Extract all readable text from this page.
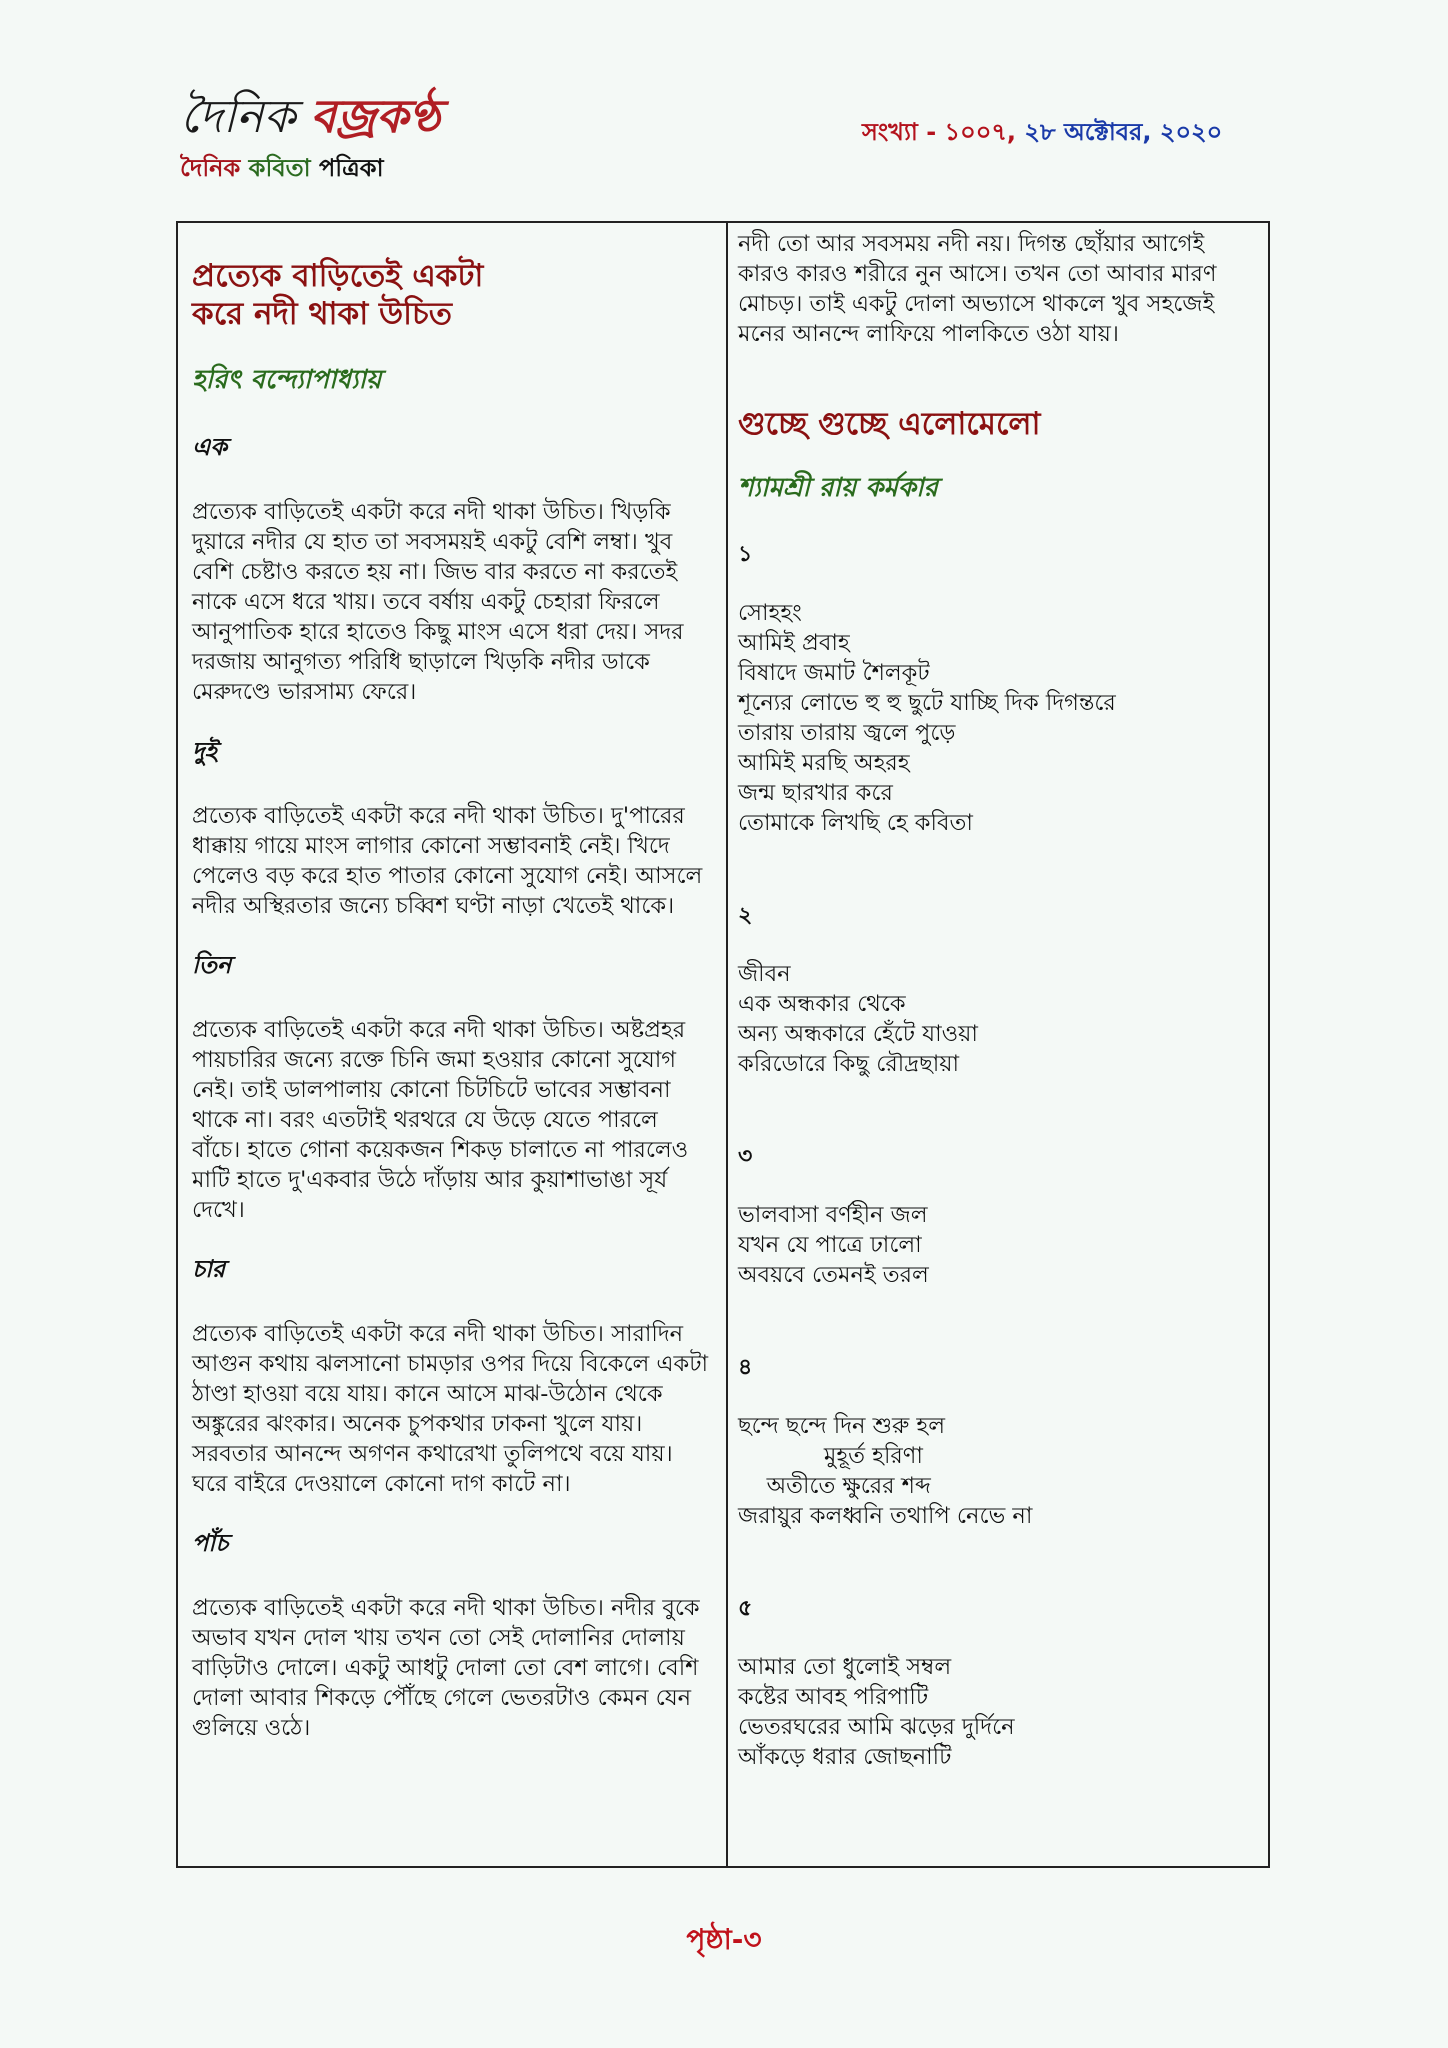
দৈনিক বজ্রকণ্ঠ
দৈনিক কবিতা পত্রিকা
সংখ্যা - ১০০৭, ২৮ অক্টোবর, ২০২০
প্রত্যেক বাড়িতেই একটা
করে নদী থাকা উচিত

হরিৎ বন্দ্যোপাধ্যায়

এক

প্রত্যেক বাড়িতেই একটা করে নদী থাকা উচিত। খিড়কি দুয়ারে নদীর যে হাত তা সবসময়ই একটু বেশি লম্বা। খুব বেশি চেষ্টাও করতে হয় না। জিভ বার করতে না করতেই নাকে এসে ধরে খায়। তবে বর্ষায় একটু চেহারা ফিরলে আনুপাতিক হারে হাতেও কিছু মাংস এসে ধরা দেয়। সদর দরজায় আনুগত্য পরিধি ছাড়ালে খিড়কি নদীর ডাকে মেরুদণ্ডে ভারসাম্য ফেরে।

দুই

প্রত্যেক বাড়িতেই একটা করে নদী থাকা উচিত। দু'পারের ধাক্কায় গায়ে মাংস লাগার কোনো সম্ভাবনাই নেই। খিদে পেলেও বড় করে হাত পাতার কোনো সুযোগ নেই। আসলে নদীর অস্থিরতার জন্যে চব্বিশ ঘণ্টা নাড়া খেতেই থাকে।

তিন

প্রত্যেক বাড়িতেই একটা করে নদী থাকা উচিত। অষ্টপ্রহর পায়চারির জন্যে রক্তে চিনি জমা হওয়ার কোনো সুযোগ নেই। তাই ডালপালায় কোনো চিটচিটে ভাবের সম্ভাবনা থাকে না। বরং এতটাই থরথরে যে উড়ে যেতে পারলে বাঁচে। হাতে গোনা কয়েকজন শিকড় চালাতে না পারলেও মাটি হাতে দু'একবার উঠে দাঁড়ায় আর কুয়াশাভাঙা সূর্য দেখে।

চার

প্রত্যেক বাড়িতেই একটা করে নদী থাকা উচিত। সারাদিন আগুন কথায় ঝলসানো চামড়ার ওপর দিয়ে বিকেলে একটা ঠাণ্ডা হাওয়া বয়ে যায়। কানে আসে মাঝ-উঠোন থেকে অঙ্কুরের ঝংকার। অনেক চুপকথার ঢাকনা খুলে যায়। সরবতার আনন্দে অগণন কথারেখা তুলিপথে বয়ে যায়। ঘরে বাইরে দেওয়ালে কোনো দাগ কাটে না।

পাঁচ

প্রত্যেক বাড়িতেই একটা করে নদী থাকা উচিত। নদীর বুকে অভাব যখন দোল খায় তখন তো সেই দোলানির দোলায় বাড়িটাও দোলে। একটু আধটু দোলা তো বেশ লাগে। বেশি দোলা আবার শিকড়ে পৌঁছে গেলে ভেতরটাও কেমন যেন গুলিয়ে ওঠে।

নদী তো আর সবসময় নদী নয়। দিগন্ত ছোঁয়ার আগেই কারও কারও শরীরে নুন আসে। তখন তো আবার মারণ মোচড়। তাই একটু দোলা অভ্যাসে থাকলে খুব সহজেই মনের আনন্দে লাফিয়ে পালকিতে ওঠা যায়।

গুচ্ছে গুচ্ছে এলোমেলো

শ্যামশ্রী রায় কর্মকার

১

সোহহং
আমিই প্রবাহ
বিষাদে জমাট শৈলকূট
শূন্যের লোভে হু হু ছুটে যাচ্ছি দিক দিগন্তরে
তারায় তারায় জ্বলে পুড়ে
আমিই মরছি অহরহ
জন্ম ছারখার করে
তোমাকে লিখছি হে কবিতা

২

জীবন
এক অন্ধকার থেকে
অন্য অন্ধকারে হেঁটে যাওয়া
করিডোরে কিছু রৌদ্রছায়া

৩

ভালবাসা বর্ণহীন জল
যখন যে পাত্রে ঢালো
অবয়বে তেমনই তরল

৪

ছন্দে ছন্দে দিন শুরু হল
মুহূর্ত হরিণা
অতীতে ক্ষুরের শব্দ
জরায়ুর কলধ্বনি তথাপি নেভে না

৫

আমার তো ধুলোই সম্বল
কষ্টের আবহ পরিপাটি
ভেতরঘরের আমি ঝড়ের দুর্দিনে
আঁকড়ে ধরার জোছনাটি
পৃষ্ঠা-৩
